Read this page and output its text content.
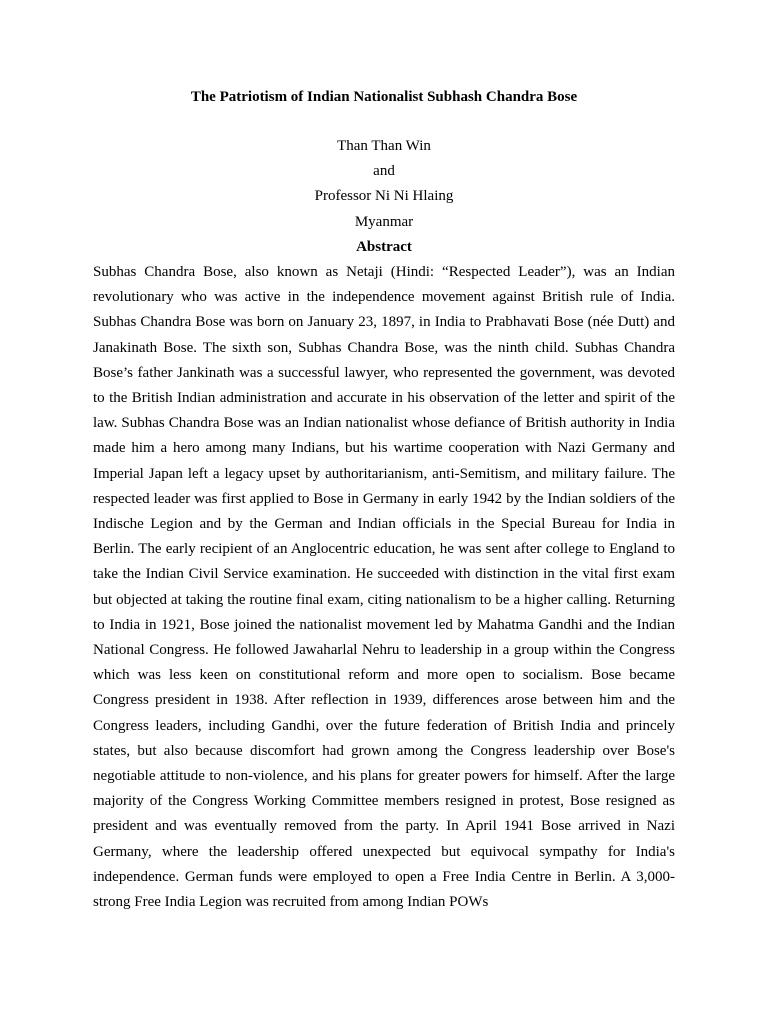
The Patriotism of Indian Nationalist Subhash Chandra Bose

Than Than Win

and

Professor Ni Ni Hlaing

Myanmar

Abstract

Subhas Chandra Bose, also known as Netaji (Hindi: “Respected Leader”), was an Indian revolutionary who was active in the independence movement against British rule of India. Subhas Chandra Bose was born on January 23, 1897, in India to Prabhavati Bose (née Dutt) and Janakinath Bose. The sixth son, Subhas Chandra Bose, was the ninth child. Subhas Chandra Bose’s father Jankinath was a successful lawyer, who represented the government, was devoted to the British Indian administration and accurate in his observation of the letter and spirit of the law. Subhas Chandra Bose was an Indian nationalist whose defiance of British authority in India made him a hero among many Indians, but his wartime cooperation with Nazi Germany and Imperial Japan left a legacy upset by authoritarianism, anti-Semitism, and military failure. The respected leader was first applied to Bose in Germany in early 1942 by the Indian soldiers of the Indische Legion and by the German and Indian officials in the Special Bureau for India in Berlin. The early recipient of an Anglocentric education, he was sent after college to England to take the Indian Civil Service examination. He succeeded with distinction in the vital first exam but objected at taking the routine final exam, citing nationalism to be a higher calling. Returning to India in 1921, Bose joined the nationalist movement led by Mahatma Gandhi and the Indian National Congress. He followed Jawaharlal Nehru to leadership in a group within the Congress which was less keen on constitutional reform and more open to socialism. Bose became Congress president in 1938. After reflection in 1939, differences arose between him and the Congress leaders, including Gandhi, over the future federation of British India and princely states, but also because discomfort had grown among the Congress leadership over Bose's negotiable attitude to non-violence, and his plans for greater powers for himself. After the large majority of the Congress Working Committee members resigned in protest, Bose resigned as president and was eventually removed from the party. In April 1941 Bose arrived in Nazi Germany, where the leadership offered unexpected but equivocal sympathy for India's independence. German funds were employed to open a Free India Centre in Berlin. A 3,000-strong Free India Legion was recruited from among Indian POWs
